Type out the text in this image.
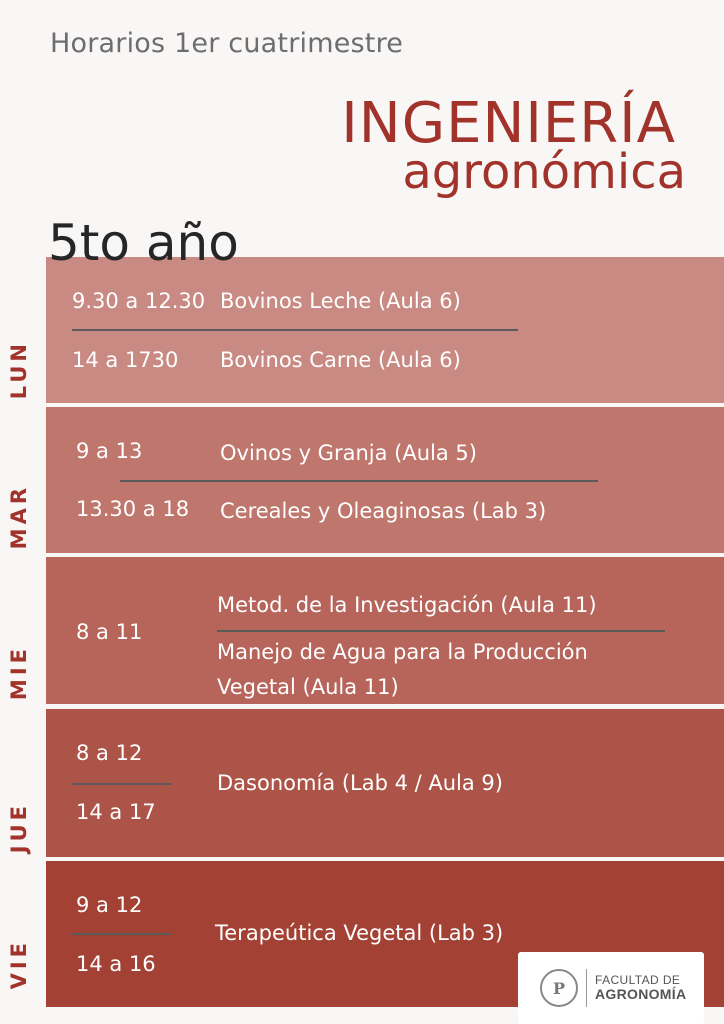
Horarios 1er cuatrimestre
INGENIERÍA
agronómica
5to año
LUN
9.30 a 12.30 Bovinos Leche (Aula 6)
14 a 1730 Bovinos Carne (Aula 6)
MAR
9 a 13	Ovinos y Granja (Aula 5)
13.30 a 18 Cereales y Oleaginosas (Lab 3)
MIE
8 a 11
Metod. de la Investigación (Aula 11)
Manejo de Agua para la Producción
Vegetal (Aula 11)
JUE
8 a 12
14 a 17
Dasonomía (Lab 4 / Aula 9)
VIE
9 a 12
14 a 16
Terapeútica Vegetal (Lab 3)
P	FACULTAD DE
AGRONOMÍA
